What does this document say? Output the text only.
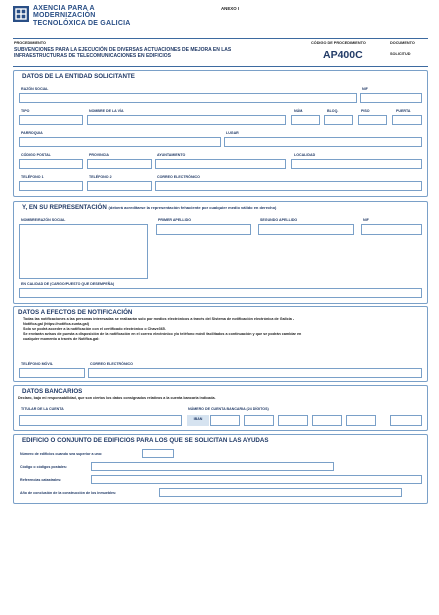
AXENCIA PARA A
MODERNIZACIÓN
TECNOLÓXICA DE GALICIA
ANEXO I
PROCEDIMIENTO
SUBVENCIONES PARA LA EJECUCIÓN DE DIVERSAS ACTUACIONES DE MEJORA EN LAS INFRAESTRUCTURAS DE TELECOMUNICACIONES EN EDIFICIOS
CÓDIGO DE PROCEDIMIENTO
AP400C
DOCUMENTO
SOLICITUD
DATOS DE LA ENTIDAD SOLICITANTE
RAZÓN SOCIAL	NIF
TIPO	NOMBRE DE LA VÍA	NÚM.	BLOQ.	PISO	PUERTA
PARROQUIA	LUGAR
CÓDIGO POSTAL	PROVINCIA	AYUNTAMIENTO	LOCALIDAD
TELÉFONO 1	TELÉFONO 2	CORREO ELECTRÓNICO
Y, EN SU REPRESENTACIÓN (deberá acreditarse la representación fehaciente por cualquier medio válido en derecho)
NOMBRE/RAZÓN SOCIAL	PRIMER APELLIDO	SEGUNDO APELLIDO	NIF
EN CALIDAD DE (CARGO/PUESTO QUE DESEMPEÑA)
DATOS A EFECTOS DE NOTIFICACIÓN
Todas las notificaciones a las personas interesadas se realizarán solo por medios electrónicos a través del Sistema de notificación electrónica de Galicia -
Notifica.gal (https://notifica.xunta.gal)
Solo se podrá acceder a la notificación con el certificado electrónico o Chave365.
Se enviarán avisos de puesta a disposición de la notificación en el correo electrónico y/o teléfono móvil facilitados a continuación y que se podrán cambiar en
cualquier momento a través de Notifica.gal:
TELÉFONO MÓVIL	CORREO ELECTRÓNICO
DATOS BANCARIOS
Declaro, bajo mi responsabilidad, que son ciertos los datos consignados relativos a la cuenta bancaria indicada.
TITULAR DE LA CUENTA	NÚMERO DE CUENTA BANCARIA (24 DÍGITOS)
IBAN
EDIFICIO O CONJUNTO DE EDIFICIOS PARA LOS QUE SE SOLICITAN LAS AYUDAS
Número de edificios cuando sea superior a uno:
Código o códigos postales:
Referencias catastrales:
Año de conclusión de la construcción de los inmuebles:
